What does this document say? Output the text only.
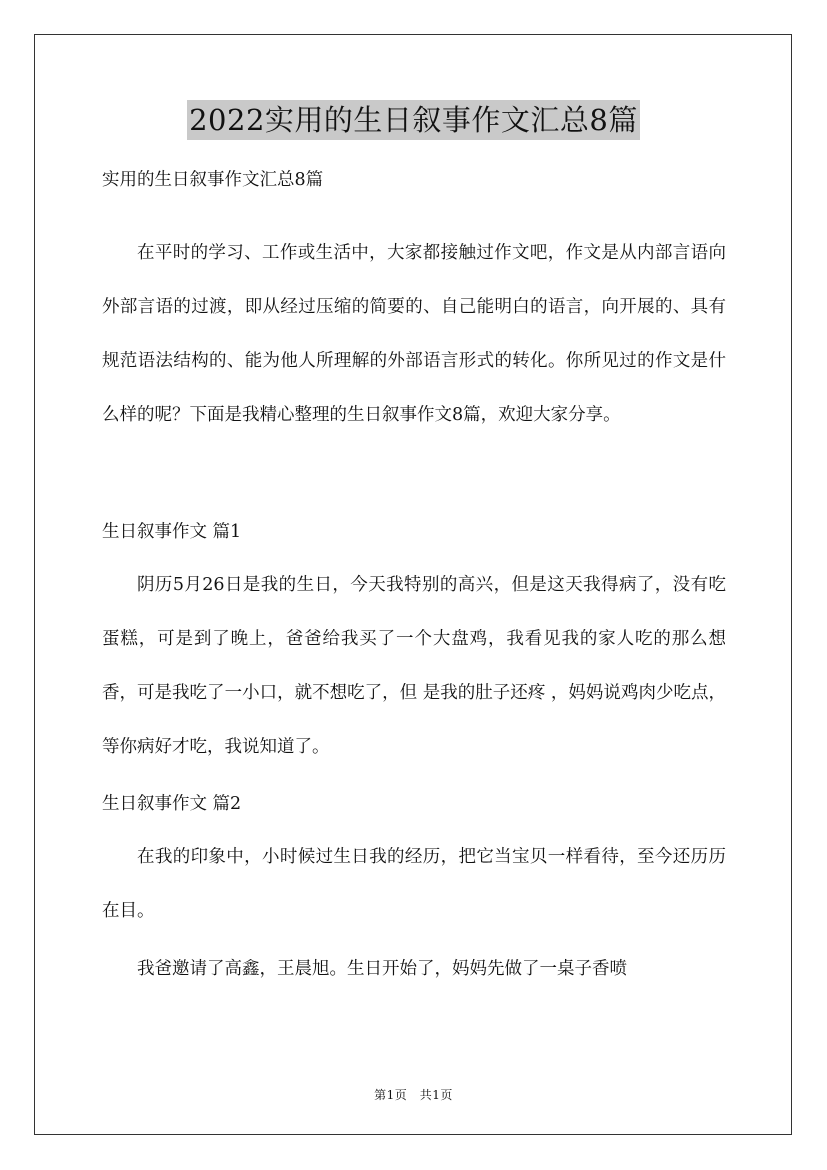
2022实用的生日叙事作文汇总8篇

实用的生日叙事作文汇总8篇

在平时的学习、工作或生活中，大家都接触过作文吧，作文是从内部言语向外部言语的过渡，即从经过压缩的简要的、自己能明白的语言，向开展的、具有规范语法结构的、能为他人所理解的外部语言形式的转化。你所见过的作文是什么样的呢？下面是我精心整理的生日叙事作文8篇，欢迎大家分享。

生日叙事作文 篇1

阴历5月26日是我的生日，今天我特别的高兴，但是这天我得病了，没有吃蛋糕，可是到了晚上，爸爸给我买了一个大盘鸡，我看见我的家人吃的那么想香，可是我吃了一小口，就不想吃了，但 是我的肚子还疼 ，妈妈说鸡肉少吃点，等你病好才吃，我说知道了。

生日叙事作文 篇2

在我的印象中，小时候过生日我的经历，把它当宝贝一样看待，至今还历历在目。

我爸邀请了高鑫，王晨旭。生日开始了，妈妈先做了一桌子香喷

第1页　共1页
